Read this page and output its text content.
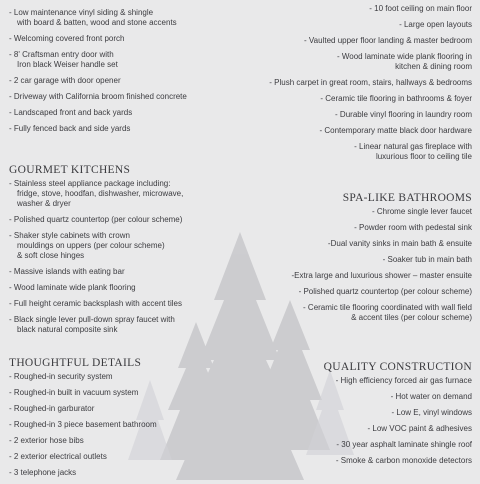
- Low maintenance vinyl siding & shingle
with board & batten, wood and stone accents
- Welcoming covered front porch
- 8' Craftsman entry door with
Iron black Weiser handle set
- 2 car garage with door opener
- Driveway with California broom finished concrete
- Landscaped front and back yards
- Fully fenced back and side yards
GOURMET KITCHENS
- Stainless steel appliance package including:
fridge, stove, hoodfan, dishwasher, microwave,
washer & dryer
- Polished quartz countertop (per colour scheme)
- Shaker style cabinets with crown
mouldings on uppers (per colour scheme)
& soft close hinges
- Massive islands with eating bar
- Wood laminate wide plank flooring
- Full height ceramic backsplash with accent tiles
- Black single lever pull-down spray faucet with
black natural composite sink
THOUGHTFUL DETAILS
- Roughed-in security system
- Roughed-in built in vacuum system
- Roughed-in garburator
- Roughed-in 3 piece basement bathroom
- 2 exterior hose bibs
- 2 exterior electrical outlets
- 3 telephone jacks
- 10 foot ceiling on main floor
- Large open layouts
- Vaulted upper floor landing & master bedroom
- Wood laminate wide plank flooring in
kitchen & dining room
- Plush carpet in great room, stairs, hallways & bedrooms
- Ceramic tile flooring in bathrooms & foyer
- Durable vinyl flooring in laundry room
- Contemporary matte black door hardware
- Linear natural gas fireplace with
luxurious floor to ceiling tile
SPA-LIKE BATHROOMS
- Chrome single lever faucet
- Powder room with pedestal sink
-Dual vanity sinks in main bath & ensuite
- Soaker tub in main bath
-Extra large and luxurious shower – master ensuite
- Polished quartz countertop (per colour scheme)
- Ceramic tile flooring coordinated with wall field
& accent tiles (per colour scheme)
QUALITY CONSTRUCTION
- High efficiency forced air gas furnace
- Hot water on demand
- Low E, vinyl windows
- Low VOC paint & adhesives
- 30 year asphalt laminate shingle roof
- Smoke & carbon monoxide detectors
